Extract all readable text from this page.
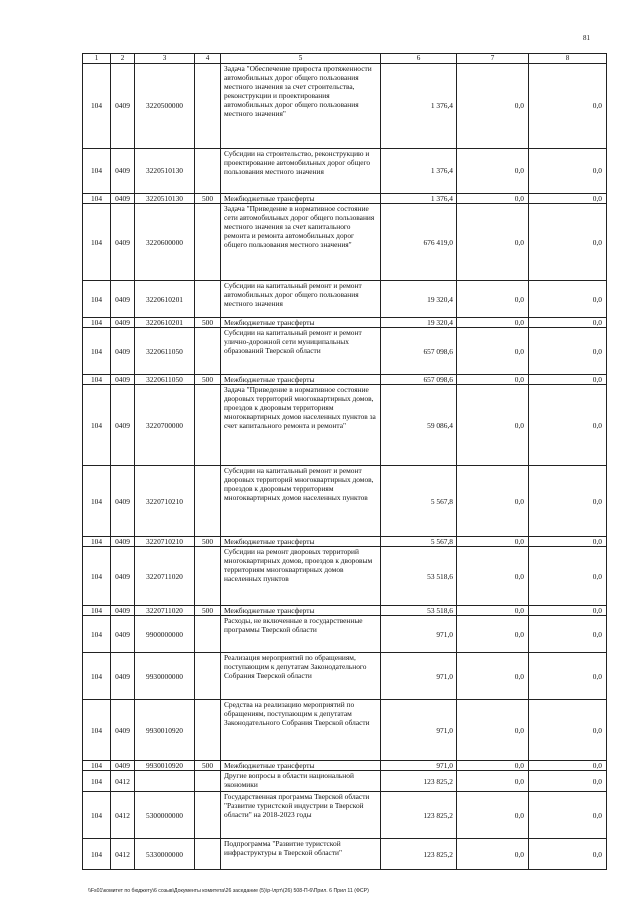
81
1	2	3	4	5	6	7	8
104	0409	3220500000		Задача "Обеспечение прироста протяженности автомобильных дорог общего пользования местного значения за счет строительства, реконструкции и проектирования автомобильных дорог общего пользования местного значения"	1 376,4	0,0	0,0
104	0409	3220510130		Субсидии на строительство, реконструкцию и проектирование автомобильных дорог общего пользования местного значения	1 376,4	0,0	0,0
104	0409	3220510130	500	Межбюджетные трансферты	1 376,4	0,0	0,0
104	0409	3220600000		Задача "Приведение в нормативное состояние сети автомобильных дорог общего пользования местного значения за счет капитального ремонта и ремонта автомобильных дорог общего пользования местного значения"	676 419,0	0,0	0,0
104	0409	3220610201		Субсидии на капитальный ремонт и ремонт автомобильных дорог общего пользования местного значения	19 320,4	0,0	0,0
104	0409	3220610201	500	Межбюджетные трансферты	19 320,4	0,0	0,0
104	0409	3220611050		Субсидии на капитальный ремонт и ремонт улично-дорожной сети муниципальных образований Тверской области	657 098,6	0,0	0,0
104	0409	3220611050	500	Межбюджетные трансферты	657 098,6	0,0	0,0
104	0409	3220700000		Задача "Приведение в нормативное состояние дворовых территорий многоквартирных домов, проездов к дворовым территориям многоквартирных домов населенных пунктов за счет капитального ремонта и ремонта"	59 086,4	0,0	0,0
104	0409	3220710210		Субсидии на капитальный ремонт и ремонт дворовых территорий многоквартирных домов, проездов к дворовым территориям многоквартирных домов населенных пунктов	5 567,8	0,0	0,0
104	0409	3220710210	500	Межбюджетные трансферты	5 567,8	0,0	0,0
104	0409	3220711020		Субсидии на ремонт дворовых территорий многоквартирных домов, проездов к дворовым территориям многоквартирных домов населенных пунктов	53 518,6	0,0	0,0
104	0409	3220711020	500	Межбюджетные трансферты	53 518,6	0,0	0,0
104	0409	9900000000		Расходы, не включенные в государственные программы Тверской области	971,0	0,0	0,0
104	0409	9930000000		Реализация мероприятий по обращениям, поступающим к депутатам Законодательного Собрания Тверской области	971,0	0,0	0,0
104	0409	9930010920		Средства на реализацию мероприятий по обращениям, поступающим к депутатам Законодательного Собрания Тверской области	971,0	0,0	0,0
104	0409	9930010920	500	Межбюджетные трансферты	971,0	0,0	0,0
104	0412			Другие вопросы в области национальной экономики	123 825,2	0,0	0,0
104	0412	5300000000		Государственная программа Тверской области "Развитие туристской индустрии в Тверской области" на 2018-2023 годы	123 825,2	0,0	0,0
104	0412	5330000000		Подпрограмма "Развитие туристской инфраструктуры в Тверской области"	123 825,2	0,0	0,0
\\Fs01\комитет по бюджету\6 созыв\Документы комитета\26 заседание (5)\р-\лрт\(26) 508-П-6\Прил. 6 Прил 11 (ФСР)
